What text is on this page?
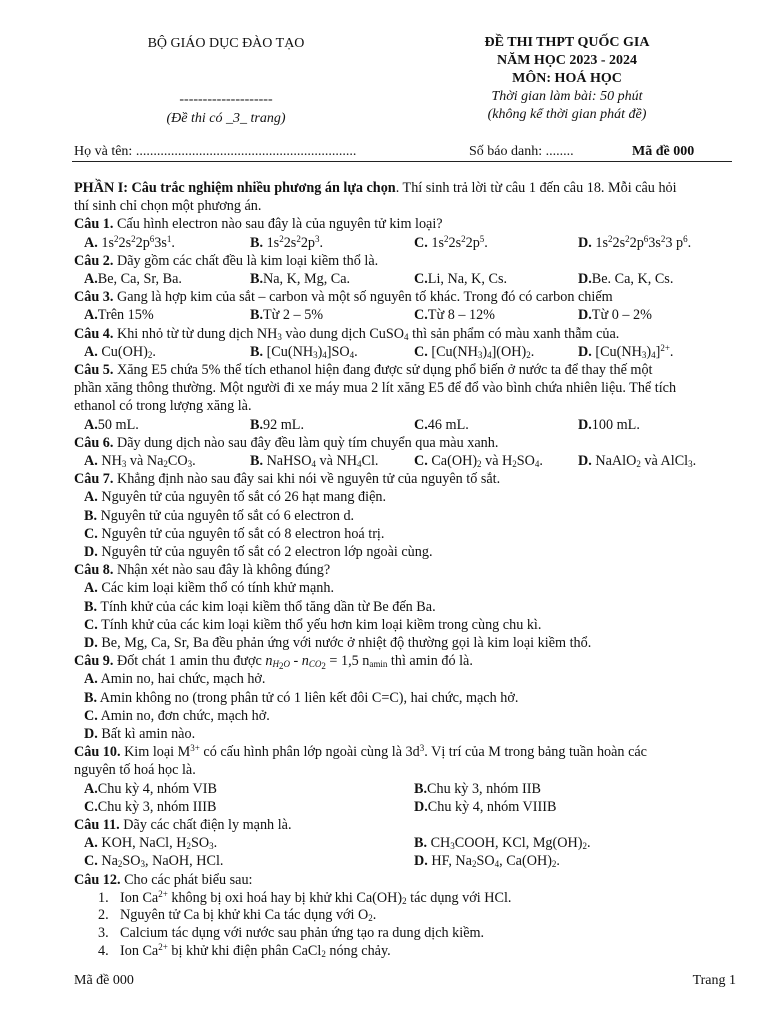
BỘ GIÁO DỤC ĐÀO TẠO
--------------------
(Đề thi có _3_ trang)
ĐỀ THI THPT QUỐC GIA
NĂM HỌC 2023 - 2024
MÔN: HOÁ HỌC
Thời gian làm bài: 50 phút
(không kể thời gian phát đề)
Họ và tên: ...............................................................	Số báo danh: ........	Mã đề 000

PHẦN I: Câu trắc nghiệm nhiều phương án lựa chọn. Thí sinh trả lời từ câu 1 đến câu 18. Mỗi câu hỏi

thí sinh chỉ chọn một phương án.

Câu 1. Cấu hình electron nào sau đây là của nguyên tử kim loại?

A. $1s^22s^22p^63s^1$.	B. $1s^22s^22p^3$.	C. $1s^22s^22p^5$.	D. $1s^22s^22p^63s^23$ $p^6$.

Câu 2. Dãy gồm các chất đều là kim loại kiềm thổ là.

A. Be, Ca, Sr, Ba.	B. Na, K, Mg, Ca.	C. Li, Na, K, Cs.	D. Be. Ca, K, Cs.

Câu 3. Gang là hợp kim của sắt – carbon và một số nguyên tố khác. Trong đó có carbon chiếm

A. Trên 15%	B. Từ 2 – 5%	C. Từ 8 – 12%	D. Từ 0 – 2%

Câu 4. Khi nhỏ từ từ dung dịch $NH_3$ vào dung dịch CuSO$_4$ thì sản phẩm có màu xanh thẫm của.

A. $Cu(OH)_2$.	B. $[Cu(NH_3)_4]SO_4$.	C. $[Cu(NH_3)_4](OH)_2$.	D. $[Cu(NH_3)_4]^{2+}$.

Câu 5. Xăng E5 chứa 5% thể tích ethanol hiện đang được sử dụng phổ biến ở nước ta để thay thế một

phần xăng thông thường. Một người đi xe máy mua 2 lít xăng E5 để đổ vào bình chứa nhiên liệu. Thể tích

ethanol có trong lượng xăng là.

A. 50 mL.	B. 92 mL.	C. 46 mL.	D. 100 mL.

Câu 6. Dãy dung dịch nào sau đây đều làm quỳ tím chuyển qua màu xanh.

A. $NH_3$ và $Na_2CO_3$.	B. NaHSO$_4$ và $NH_4Cl$.	C. $Ca(OH)_2$ và $H_2SO_4$. D. NaAlO$_2$ và AlCl$_3$.

Câu 7. Khẳng định nào sau đây sai khi nói về nguyên tử của nguyên tố sắt.

A. Nguyên tử của nguyên tố sắt có 26 hạt mang điện.

B. Nguyên tử của nguyên tố sắt có 6 electron d.

C. Nguyên tử của nguyên tố sắt có 8 electron hoá trị.

D. Nguyên tử của nguyên tố sắt có 2 electron lớp ngoài cùng.

Câu 8. Nhận xét nào sau đây là không đúng?

A. Các kim loại kiềm thổ có tính khử mạnh.

B. Tính khử của các kim loại kiềm thổ tăng dần từ Be đến Ba.

C. Tính khử của các kim loại kiềm thổ yếu hơn kim loại kiềm trong cùng chu kì.

D. Be, Mg, Ca, Sr, Ba đều phản ứng với nước ở nhiệt độ thường gọi là kim loại kiềm thổ.

Câu 9. Đốt chát 1 amin thu được $n_{H_2O} - n_{CO_2} = 1,5$ $n_{amin}$ thì amin đó là.

A. Amin no, hai chức, mạch hở.

B. Amin không no (trong phân tử có 1 liên kết đôi C=C), hai chức, mạch hở.

C. Amin no, đơn chức, mạch hở.

D. Bất kì amin nào.

Câu 10. Kim loại $M^{3+}$ có cấu hình phân lớp ngoài cùng là $3d^3$. Vị trí của M trong bảng tuần hoàn các

nguyên tố hoá học là.

A. Chu kỳ 4, nhóm VIB	B. Chu kỳ 3, nhóm IIB
C. Chu kỳ 3, nhóm IIIB	D. Chu kỳ 4, nhóm VIIIB

Câu 11. Dãy các chất điện ly mạnh là.

A. KOH, NaCl, $H_2SO_3$.	B. $CH_3COOH$, KCl, $Mg(OH)_2$.
C. $Na_2SO_3$, NaOH, HCl.	D. HF, $Na_2SO_4$, $Ca(OH)_2$.

Câu 12. Cho các phát biểu sau:

1. Ion $Ca^{2+}$ không bị oxi hoá hay bị khử khi $Ca(OH)_2$ tác dụng với HCl.
2. Nguyên tử Ca bị khử khi Ca tác dụng với $O_2$.
3. Calcium tác dụng với nước sau phản ứng tạo ra dung dịch kiềm.
4. Ion $Ca^{2+}$ bị khử khi điện phân CaCl$_2$ nóng chảy.
Mã đề 000	Trang 1
